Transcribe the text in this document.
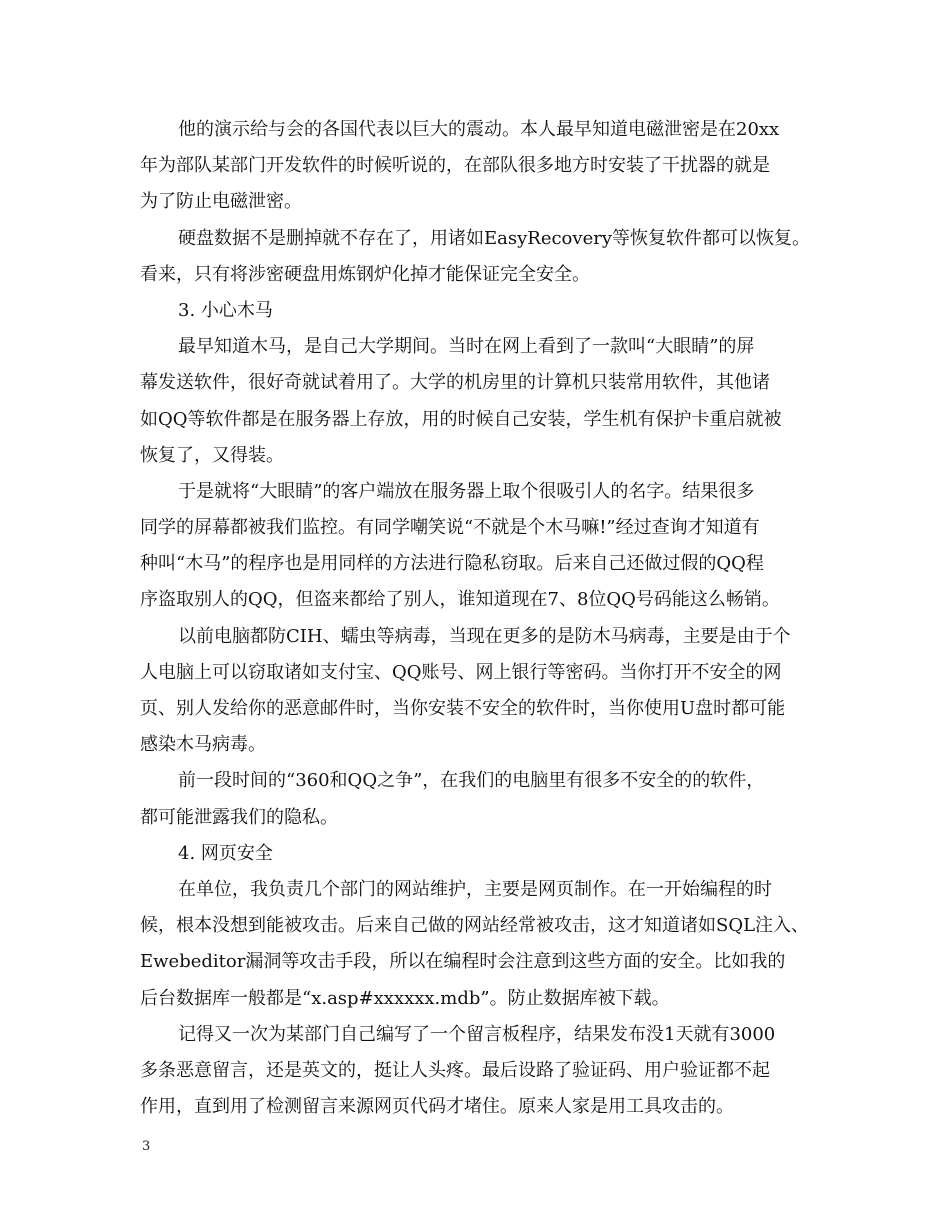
他的演示给与会的各国代表以巨大的震动。本人最早知道电磁泄密是在20xx
年为部队某部门开发软件的时候听说的，在部队很多地方时安装了干扰器的就是
为了防止电磁泄密。
硬盘数据不是删掉就不存在了，用诸如EasyRecovery等恢复软件都可以恢复。
看来，只有将涉密硬盘用炼钢炉化掉才能保证完全安全。
3. 小心木马
最早知道木马，是自己大学期间。当时在网上看到了一款叫“大眼睛”的屏
幕发送软件，很好奇就试着用了。大学的机房里的计算机只装常用软件，其他诸
如QQ等软件都是在服务器上存放，用的时候自己安装，学生机有保护卡重启就被
恢复了，又得装。
于是就将“大眼睛”的客户端放在服务器上取个很吸引人的名字。结果很多
同学的屏幕都被我们监控。有同学嘲笑说“不就是个木马嘛!”经过查询才知道有
种叫“木马”的程序也是用同样的方法进行隐私窃取。后来自己还做过假的QQ程
序盗取别人的QQ，但盗来都给了别人，谁知道现在7、8位QQ号码能这么畅销。
以前电脑都防CIH、蠕虫等病毒，当现在更多的是防木马病毒，主要是由于个
人电脑上可以窃取诸如支付宝、QQ账号、网上银行等密码。当你打开不安全的网
页、别人发给你的恶意邮件时，当你安装不安全的软件时，当你使用U盘时都可能
感染木马病毒。
前一段时间的“360和QQ之争”，在我们的电脑里有很多不安全的的软件，
都可能泄露我们的隐私。
4. 网页安全
在单位，我负责几个部门的网站维护，主要是网页制作。在一开始编程的时
候，根本没想到能被攻击。后来自己做的网站经常被攻击，这才知道诸如SQL注入、
Ewebeditor漏洞等攻击手段，所以在编程时会注意到这些方面的安全。比如我的
后台数据库一般都是“x.asp#xxxxxx.mdb”。防止数据库被下载。
记得又一次为某部门自己编写了一个留言板程序，结果发布没1天就有3000
多条恶意留言，还是英文的，挺让人头疼。最后设路了验证码、用户验证都不起
作用，直到用了检测留言来源网页代码才堵住。原来人家是用工具攻击的。
3
